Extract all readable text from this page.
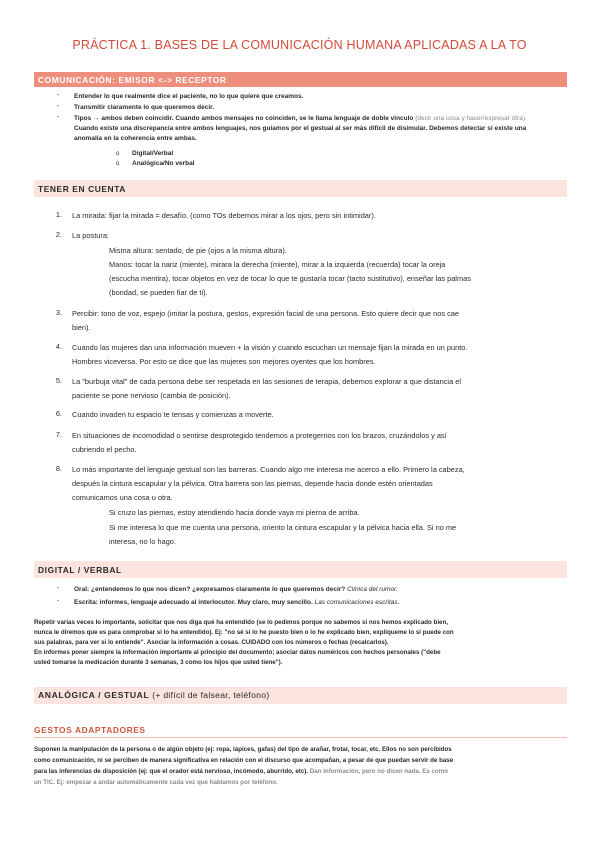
PRÁCTICA 1. BASES DE LA COMUNICACIÓN HUMANA APLICADAS A LA TO
COMUNICACIÓN: EMISOR <-> RECEPTOR
- Entender lo que realmente dice el paciente, no lo que quiere que creamos.
- Transmitir claramente lo que queremos decir.
- Tipos → ambos deben coincidir. Cuando ambos mensajes no coinciden, se le llama lenguaje de doble vínculo (decir una cosa y hacer/expresar otra). Cuando existe una discrepancia entre ambos lenguajes, nos guiamos por el gestual al ser más difícil de disimular. Debemos detectar si existe una anomalía en la coherencia entre ambas.
o Digital/Verbal
o Analógica/No verbal
TENER EN CUENTA
1. La mirada: fijar la mirada = desafío. (como TOs debemos mirar a los ojos, pero sin intimidar).
2. La postura:
Misma altura: sentado, de pie (ojos a la misma altura).
Manos: tocar la nariz (miente), mirara la derecha (miente), mirar a la izquierda (recuerda) tocar la oreja
(escucha mentira), tocar objetos en vez de tocar lo que te gustaría tocar (tacto sustitutivo), enseñar las palmas
(bondad, se pueden fiar de ti).
3. Percibir: tono de voz, espejo (imitar la postura, gestos, expresión facial de una persona. Esto quiere decir que nos cae
bien).
4. Cuando las mujeres dan una información mueven + la visión y cuando escuchan un mensaje fijan la mirada en un punto.
Hombres viceversa. Por esto se dice que las mujeres son mejores oyentes que los hombres.
5. La "burbuja vital" de cada persona debe ser respetada en las sesiones de terapia, debemos explorar a que distancia el
paciente se pone nervioso (cambia de posición).
6. Cuando invaden tu espacio te tensas y comienzas a moverte.
7. En situaciones de incomodidad o sentirse desprotegido tendemos a protegernos con los brazos, cruzándolos y así
cubriendo el pecho.
8. Lo más importante del lenguaje gestual son las barreras. Cuando algo me interesa me acerco a ello. Primero la cabeza,
después la cintura escapular y la pélvica. Otra barrera son las piernas, depende hacia donde estén orientadas
comunicamos una cosa u otra.
Si cruzo las piernas, estoy atendiendo hacia donde vaya mi pierna de arriba.
Si me interesa lo que me cuenta una persona, oriento la cintura escapular y la pélvica hacia ella. Si no me
interesa, no lo hago.
DIGITAL / VERBAL
- Oral: ¿entendemos lo que nos dicen? ¿expresamos claramente lo que queremos decir? Clínica del rumor.
- Escrita: informes, lenguaje adecuado al interlocutor. Muy claro, muy sencillo. Las comunicaciones escritas.
Repetir varias veces lo importante, solicitar que nos diga qué ha entendido (se lo pedimos porque no sabemos si nos hemos explicado bien,
nunca le diremos que es para comprobar si lo ha entendido). Ej: "no sé si lo he puesto bien o lo he explicado bien, explíqueme lo si puede con
sus palabras, para ver si lo entiende". Asociar la información a cosas. CUIDADO con los números o fechas (recalcarlos).
En informes poner siempre la información importante al principio del documento; asociar datos numéricos con hechos personales ("debe
usted tomarse la medicación durante 3 semanas, 3 como los hijos que usted tiene").
ANALÓGICA / GESTUAL (+ difícil de falsear, teléfono)
GESTOS ADAPTADORES
Suponen la manipulación de la persona o de algún objeto (ej: ropa, lápices, gafas) del tipo de arañar, frotar, tocar, etc. Ellos no son percibidos
como comunicación, ni se perciben de manera significativa en relación con el discurso que acompañan, a pesar de que puedan servir de base
para las inferencias de disposición (ej: que el orador está nervioso, incómodo, aburrido, etc). Dan información, pero no dicen nada. Es como
un TIC. Ej: empezar a andar automáticamente cada vez que hablamos por teléfono.
